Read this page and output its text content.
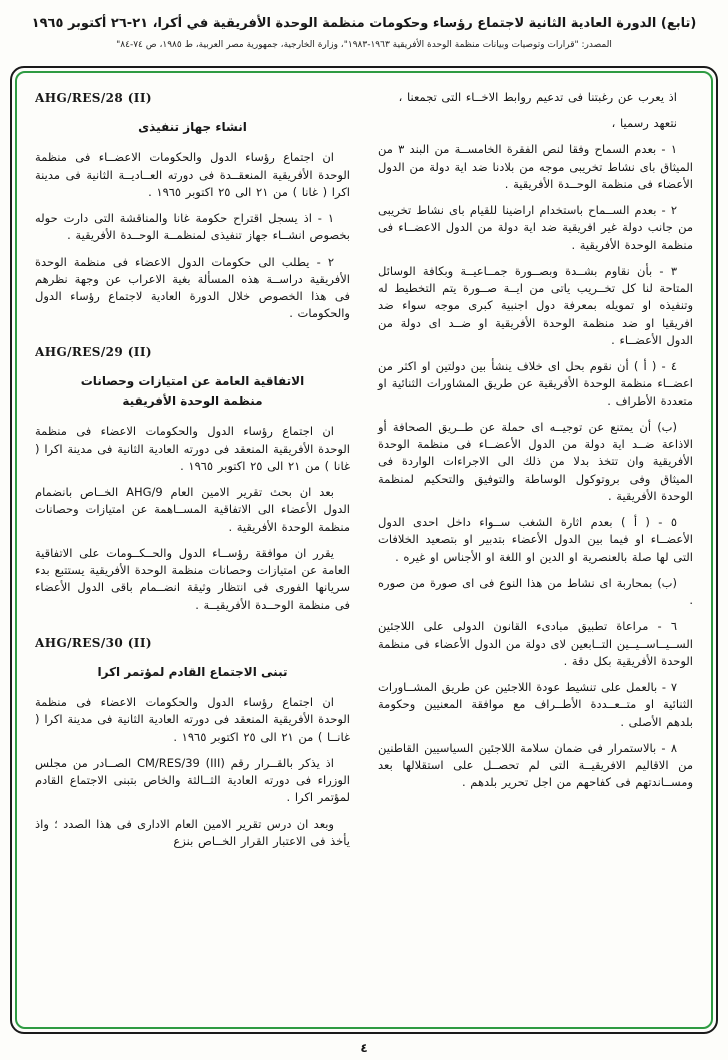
(تابع) الدورة العادية الثانية لاجتماع رؤساء وحكومات منظمة الوحدة الأفريقية في أكرا، ٢١-٢٦ أكتوبر ١٩٦٥
المصدر: "قرارات وتوصيات وبيانات منظمة الوحدة الأفريقية ١٩٦٣-١٩٨٣"، وزارة الخارجية، جمهورية مصر العربية، ط ١٩٨٥، ص ٧٤-٨٤"

اذ يعرب عن رغبتنا فى تدعيم روابط الاخــاء التى تجمعنا ،

نتعهد رسميا ،

١ - بعدم السماح وفقا لنص الفقرة الخامســة من البند ٣ من الميثاق باى نشاط تخريبى موجه من بلادنا ضد اية دولة من الدول الأعضاء فى منظمة الوحــدة الأفريقية .

٢ - بعدم الســماح باستخدام اراضينا للقيام باى نشاط تخريبى من جانب دولة غير افريقية ضد اية دولة من الدول الاعضــاء فى منظمة الوحدة الأفريقية .

٣ - بأن نقاوم بشــدة وبصــورة جمــاعيــة وبكافة الوسائل المتاحة لنا كل تخــريب ياتى من ايــة صــورة يتم التخطيط له وتنفيذه او تمويله بمعرفة دول اجنبية كبرى موجه سواء ضد افريقيا او ضد منظمة الوحدة الأفريقية او ضــد اى دولة من الدول الأعضــاء .

٤ - ( أ ) أن نقوم بحل اى خلاف ينشأ بين دولتين او اكثر من اعضــاء منظمة الوحدة الأفريقية عن طريق المشاورات الثنائية او متعددة الأطراف .

(ب) أن يمتنع عن توجيــه اى حملة عن طــريق الصحافة أو الاذاعة ضــد اية دولة من الدول الأعضــاء فى منظمة الوحدة الأفريقية وان تتخذ بدلا من ذلك الى الاجراءات الواردة فى الميثاق وفى بروتوكول الوساطة والتوفيق والتحكيم لمنظمة الوحدة الأفريقية .

٥ - ( أ ) بعدم اثارة الشغب ســواء داخل احدى الدول الأعضــاء او فيما بين الدول الأعضاء بتدبير او بتصعيد الخلافات التى لها صلة بالعنصرية او الدين او اللغة او الأجناس او غيره .

(ب) بمحاربة اى نشاط من هذا النوع فى اى صورة من صوره .

٦ - مراعاة تطبيق مبادىء القانون الدولى على اللاجئين الســيــاســيــين التــابعين لاى دولة من الدول الأعضاء فى منظمة الوحدة الأفريقية بكل دقة .

٧ - بالعمل على تنشيط عودة اللاجئين عن طريق المشــاورات الثنائية او متــعــددة الأطــراف مع موافقة المعنيين وحكومة بلدهم الأصلى .

٨ - بالاستمرار فى ضمان سلامة اللاجئين السياسيين القاطنين من الاقاليم الافريقيــة التى لم تحصــل على استقلالها بعد ومســاندتهم فى كفاحهم من اجل تحرير بلدهم .

AHG/RES/28 (II)
انشاء جهاز تنفيذى

ان اجتماع رؤساء الدول والحكومات الاعضــاء فى منظمة الوحدة الأفريقية المنعقــدة فى دورته العــاديــة الثانية فى مدينة اكرا ( غانا ) من ٢١ الى ٢٥ اكتوبر ١٩٦٥ .

١ - اذ يسجل اقتراح حكومة غانا والمناقشة التى دارت حوله بخصوص انشــاء جهاز تنفيذى لمنظمــة الوحــدة الأفريقية .

٢ - يطلب الى حكومات الدول الاعضاء فى منظمة الوحدة الأفريقية دراســة هذه المسألة بغية الاعراب عن وجهة نظرهم فى هذا الخصوص خلال الدورة العادية لاجتماع رؤساء الدول والحكومات .

AHG/RES/29 (II)
الاتفاقية العامة عن امتيازات وحصانات
منظمة الوحدة الأفريقية

ان اجتماع رؤساء الدول والحكومات الاعضاء فى منظمة الوحدة الأفريقية المنعقد فى دورته العادية الثانية فى مدينة اكرا ( غانا ) من ٢١ الى ٢٥ اكتوبر ١٩٦٥ .

بعد ان بحث تقرير الامين العام AHG/9 الخــاص بانضمام الدول الأعضاء الى الاتفاقية المســاهمة عن امتيازات وحصانات منظمة الوحدة الأفريقية .

يقرر ان موافقة رؤســاء الدول والحــكــومات على الاتفاقية العامة عن امتيازات وحصانات منظمة الوحدة الأفريقية يستتبع بدء سريانها الفورى فى انتظار وثيقة انضــمام باقى الدول الأعضاء فى منظمة الوحــدة الأفريقيــة .

AHG/RES/30 (II)
تبنى الاجتماع القادم لمؤتمر اكرا

ان اجتماع رؤساء الدول والحكومات الاعضاء فى منظمة الوحدة الأفريقية المنعقد فى دورته العادية الثانية فى مدينة اكرا ( غانــا ) من ٢١ الى ٢٥ اكتوبر ١٩٦٥ .

اذ يذكر بالقــرار رقم CM/RES/39 (III) الصــادر من مجلس الوزراء فى دورته العادية الثــالثة والخاص بتبنى الاجتماع القادم لمؤتمر اكرا .

وبعد ان درس تقرير الامين العام الادارى فى هذا الصدد ؛ واذ يأخذ فى الاعتبار القرار الخــاص بنزع

٤
